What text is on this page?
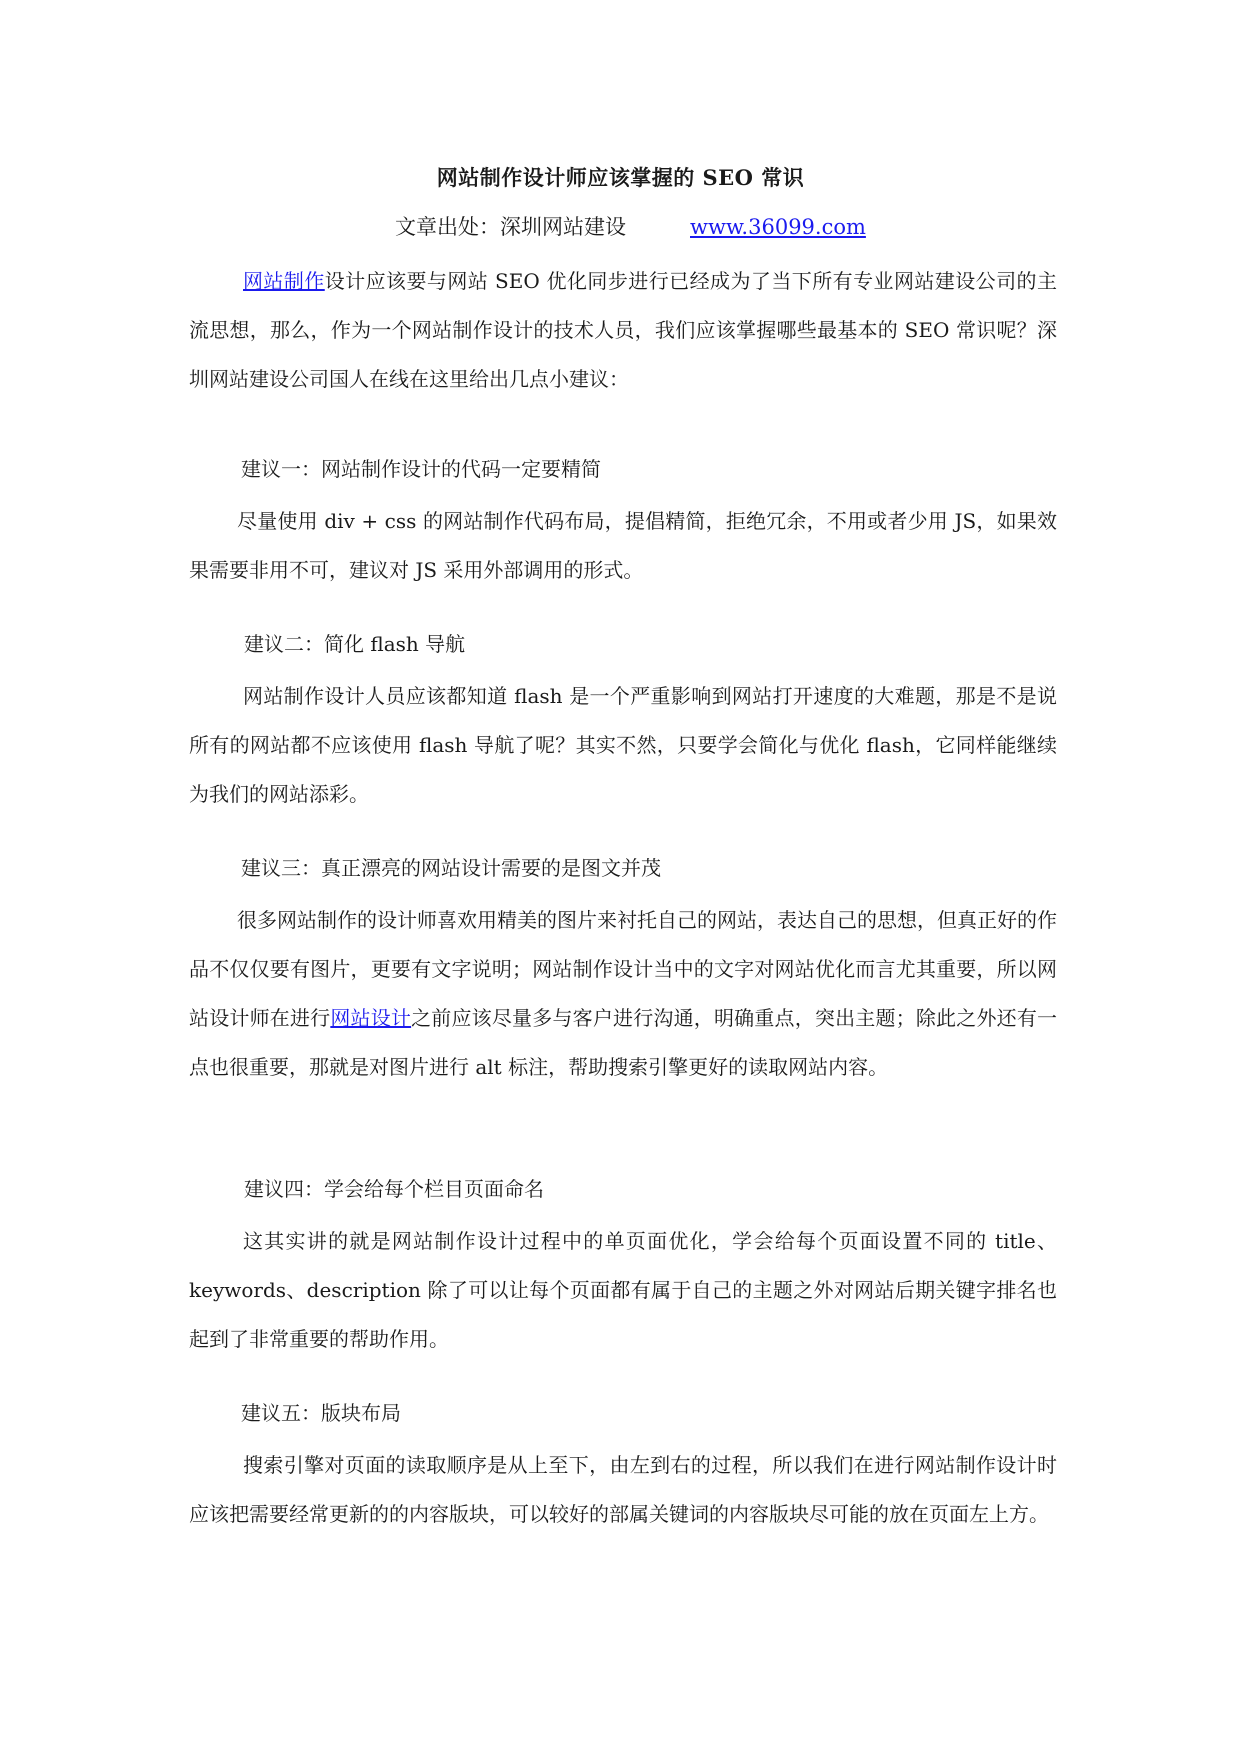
网站制作设计师应该掌握的 SEO 常识
文章出处：深圳网站建设	www.36099.com

网站制作设计应该要与网站 SEO 优化同步进行已经成为了当下所有专业网站建设公司的主流思想，那么，作为一个网站制作设计的技术人员，我们应该掌握哪些最基本的 SEO 常识呢？深圳网站建设公司国人在线在这里给出几点小建议：

建议一：网站制作设计的代码一定要精简

尽量使用 div + css 的网站制作代码布局，提倡精简，拒绝冗余，不用或者少用 JS，如果效果需要非用不可，建议对 JS 采用外部调用的形式。

建议二：简化 flash 导航

网站制作设计人员应该都知道 flash 是一个严重影响到网站打开速度的大难题，那是不是说所有的网站都不应该使用 flash 导航了呢？其实不然，只要学会简化与优化 flash，它同样能继续为我们的网站添彩。

建议三：真正漂亮的网站设计需要的是图文并茂

很多网站制作的设计师喜欢用精美的图片来衬托自己的网站，表达自己的思想，但真正好的作品不仅仅要有图片，更要有文字说明；网站制作设计当中的文字对网站优化而言尤其重要，所以网站设计师在进行网站设计之前应该尽量多与客户进行沟通，明确重点，突出主题；除此之外还有一点也很重要，那就是对图片进行 alt 标注，帮助搜索引擎更好的读取网站内容。

建议四：学会给每个栏目页面命名

这其实讲的就是网站制作设计过程中的单页面优化，学会给每个页面设置不同的 title、keywords、description 除了可以让每个页面都有属于自己的主题之外对网站后期关键字排名也起到了非常重要的帮助作用。

建议五：版块布局

搜索引擎对页面的读取顺序是从上至下，由左到右的过程，所以我们在进行网站制作设计时应该把需要经常更新的的内容版块，可以较好的部属关键词的内容版块尽可能的放在页面左上方。
